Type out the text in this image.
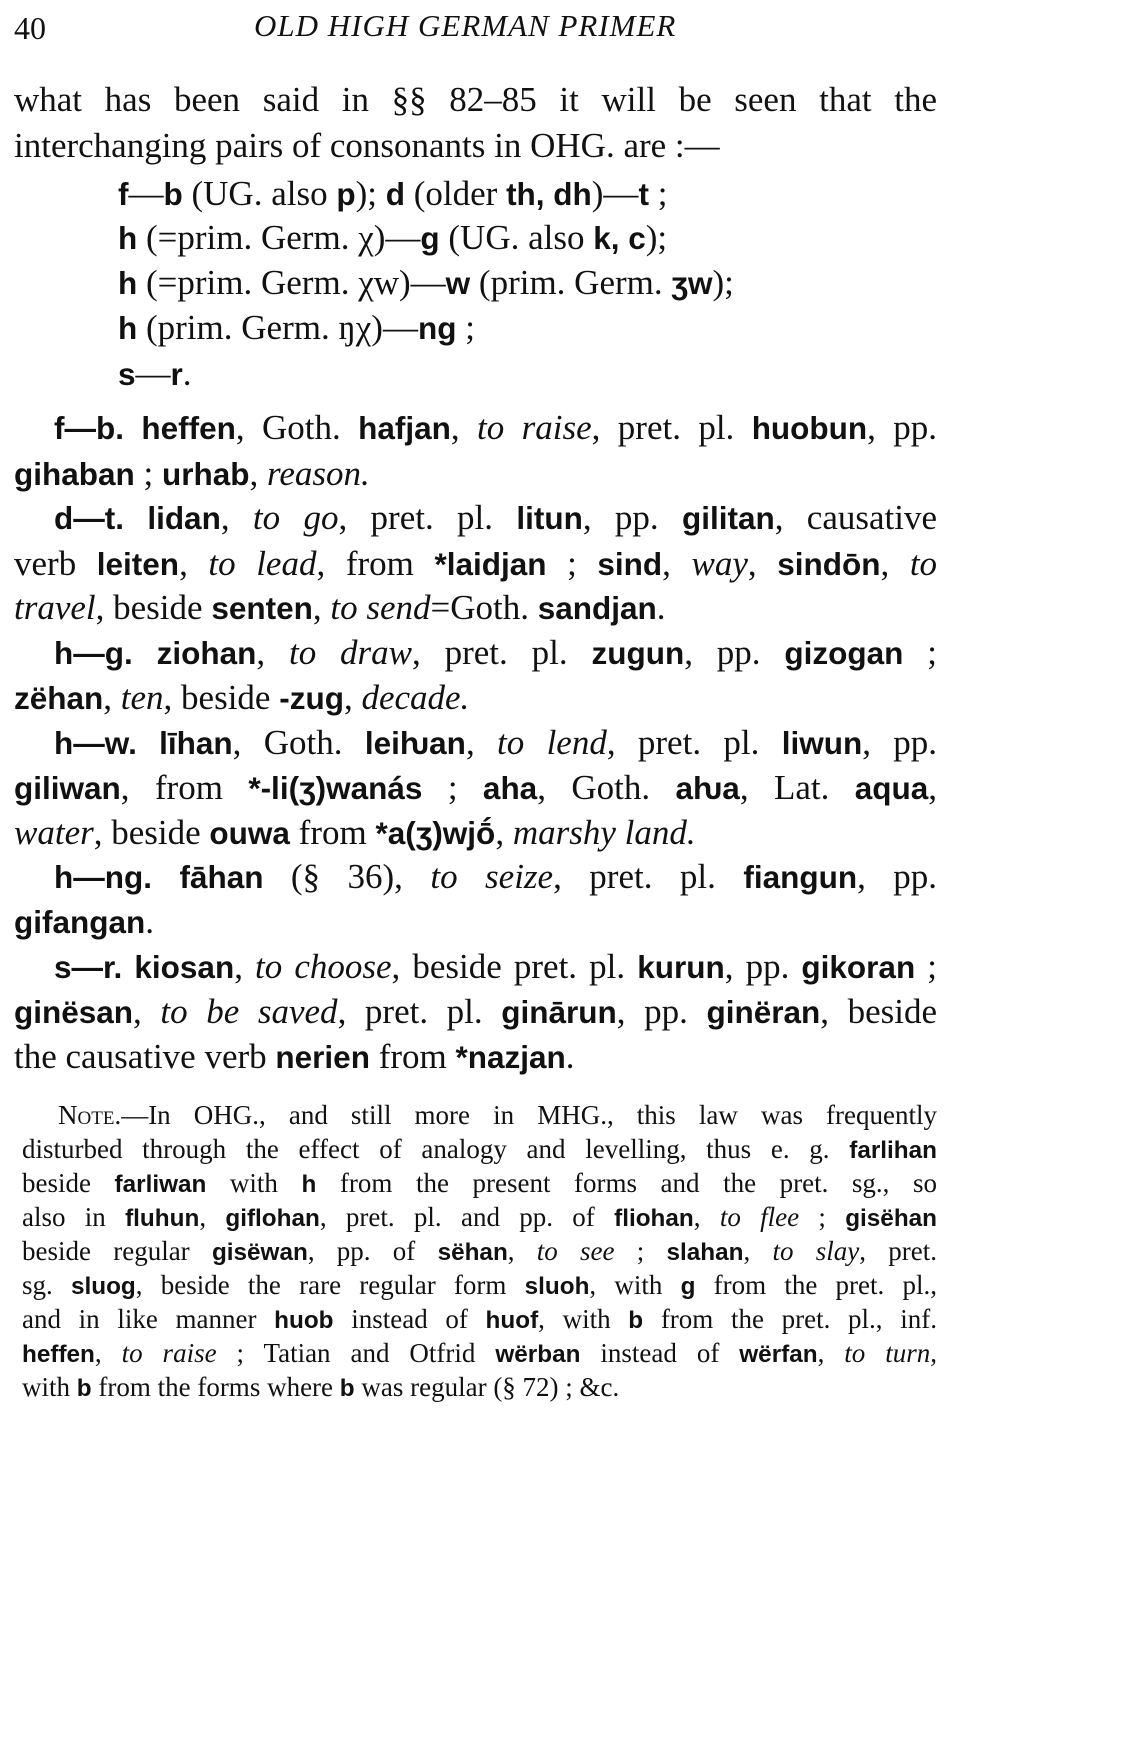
40	OLD HIGH GERMAN PRIMER
what has been said in §§ 82–85 it will be seen that the
interchanging pairs of consonants in OHG. are :—
f—b (UG. also p); d (older th, dh)—t ;
h (=prim. Germ. χ)—g (UG. also k, c);
h (=prim. Germ. χw)—w (prim. Germ. ʒw);
h (prim. Germ. ŋχ)—ng ;
s—r.
f—b. heffen, Goth. hafjan, to raise, pret. pl. huobun, pp.
gihaban ; urhab, reason.
d—t. lidan, to go, pret. pl. litun, pp. gilitan, causative
verb leiten, to lead, from *laidjan ; sind, way, sindōn, to
travel, beside senten, to send=Goth. sandjan.
h—g. ziohan, to draw, pret. pl. zugun, pp. gizogan ;
zëhan, ten, beside -zug, decade.
h—w. līhan, Goth. leiƕan, to lend, pret. pl. liwun, pp.
giliwan, from *-li(ʒ)wanás ; aha, Goth. aƕa, Lat. aqua,
water, beside ouwa from *a(ʒ)wjṓ, marshy land.
h—ng. fāhan (§ 36), to seize, pret. pl. fiangun, pp.
gifangan.
s—r. kiosan, to choose, beside pret. pl. kurun, pp. gikoran ;
ginësan, to be saved, pret. pl. ginārun, pp. ginëran, beside
the causative verb nerien from *nazjan.
Note.—In OHG., and still more in MHG., this law was frequently
disturbed through the effect of analogy and levelling, thus e. g. farlihan
beside farliwan with h from the present forms and the pret. sg., so
also in fluhun, giflohan, pret. pl. and pp. of fliohan, to flee ; gisëhan
beside regular gisëwan, pp. of sëhan, to see ; slahan, to slay, pret.
sg. sluog, beside the rare regular form sluoh, with g from the pret. pl.,
and in like manner huob instead of huof, with b from the pret. pl., inf.
heffen, to raise ; Tatian and Otfrid wërban instead of wërfan, to turn,
with b from the forms where b was regular (§ 72) ; &c.
